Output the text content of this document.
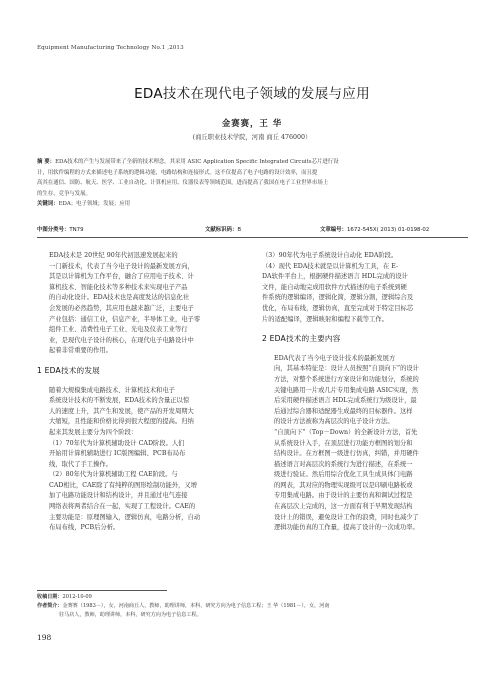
Equipment Manufacturing Technology No.1 ,2013
EDA技术在现代电子领域的发展与应用
金赛赛，王 华
(商丘职业技术学院，河南 商丘 476000）
摘 要：EDA技术的产生与发展带来了全新的技术理念。其采用 ASIC Application Specific Integrated Circuits芯片进行设
计，用软件编程的方式来描述电子系统的逻辑功能，电路结构和连接形式。这不仅提高了电子电路的设计效率，而且提
高其在通信、国防、航天、医学、工业自动化、计算机应用、仪器仪表等领域范围，进而提高了我国在电子工业世界市场上
的生存、竞争与发展。
关键词：EDA；电子领域；发展；应用
中图分类号：TN79	文献标识码：B	文章编号：1672-545X( 2013) 01-0198-02

EDA技术是 20世纪 90年代初迅速发展起来的
一门新技术，代表了当今电子设计的最新发展方向，
其是以计算机为工作平台，融合了应用电子技术、计
算机技术、智能化技术等多种技术来实现电子产品
的自动化设计。EDA技术也是高度发达的信息化社
会发展的必然趋势，其应用也越来越广泛，主要电子
产业包括：通信工业，信息产业，半导体工业，电子零
组件工业、消费性电子工业、光电及仪表工业等行
业，是现代电子设计的核心，在现代电子电路设计中
起着非常重要的作用。

1 EDA技术的发展

随着大规模集成电路技术、计算机技术和电子
系统设计技术的不断发展，EDA技术的含量正以惊
人的速度上升，其产生和发展，使产品的开发周期大
大缩短，且性能和价格比得到很大程度的提高。归纳
起来其发展主要分为四个阶段：
（1）70年代为计算机辅助设计 CAD阶段。人们
开始用计算机辅助进行 IC版图编辑、PCB布局布
线，取代了手工操作。
（2）80年代为计算机辅助工程 CAE阶段。与
CAD相比，CAE除了有纯粹的图形绘制功能外，又增
加了电路功能设计和结构设计，并且通过电气连接
网络表将两者结合在一起，实现了工程设计。CAE的
主要功能是：原理图输入，逻辑仿真，电路分析，自动
布局布线，PCB后分析。

（3）90年代为电子系统设计自动化 EDA阶段。
（4）现代 EDA技术就是以计算机为工具，在 E-
DA软件平台上，根据硬件描述语言 HDL完成的设计
文件，能自动地完成用软件方式描述的电子系统到硬
件系统的逻辑编译，逻辑化简，逻辑分割，逻辑综合及
优化，布局布线，逻辑仿真，直至完成对于特定目标芯
片的适配编译，逻辑映射和编程下载等工作。

2 EDA技术的主要内容

EDA代表了当今电子设计技术的最新发展方
向，其基本特征是：设计人员按照“自顶向下”的设计
方法，对整个系统进行方案设计和功能划分，系统的
关键电路用一片或几片专用集成电路 ASIC实现，然
后采用硬件描述语言 HDL完成系统行为级设计，最
后通过综合器和适配器生成最终的目标器件。这样
的设计方法被称为高层次的电子设计方法。
“自顶向下”（Top－Down）的全新设计方法，首先
从系统设计入手，在顶层进行功能方框图的划分和
结构设计。在方框图一级进行仿真，纠错，并用硬件
描述语言对高层次的系统行为进行描述，在系统一
级进行验证。然后用综合优化工具生成具体门电路
的网表，其对应的物理实现级可以是印刷电路板或
专用集成电路。由于设计的主要仿真和调试过程是
在高层次上完成的，这一方面有利于早期发现结构
设计上的错误，避免设计工作的浪费，同时也减少了
逻辑功能仿真的工作量，提高了设计的一次成功率。

收稿日期：2012-10-09
作者简介：金赛赛（1983－），女，河南商丘人，教师，助理讲师，本科，研究方向为电子信息工程；王 华（1981－），女，河南
驻马店人，教师，助理讲师，本科，研究方向为电子信息工程。
198
